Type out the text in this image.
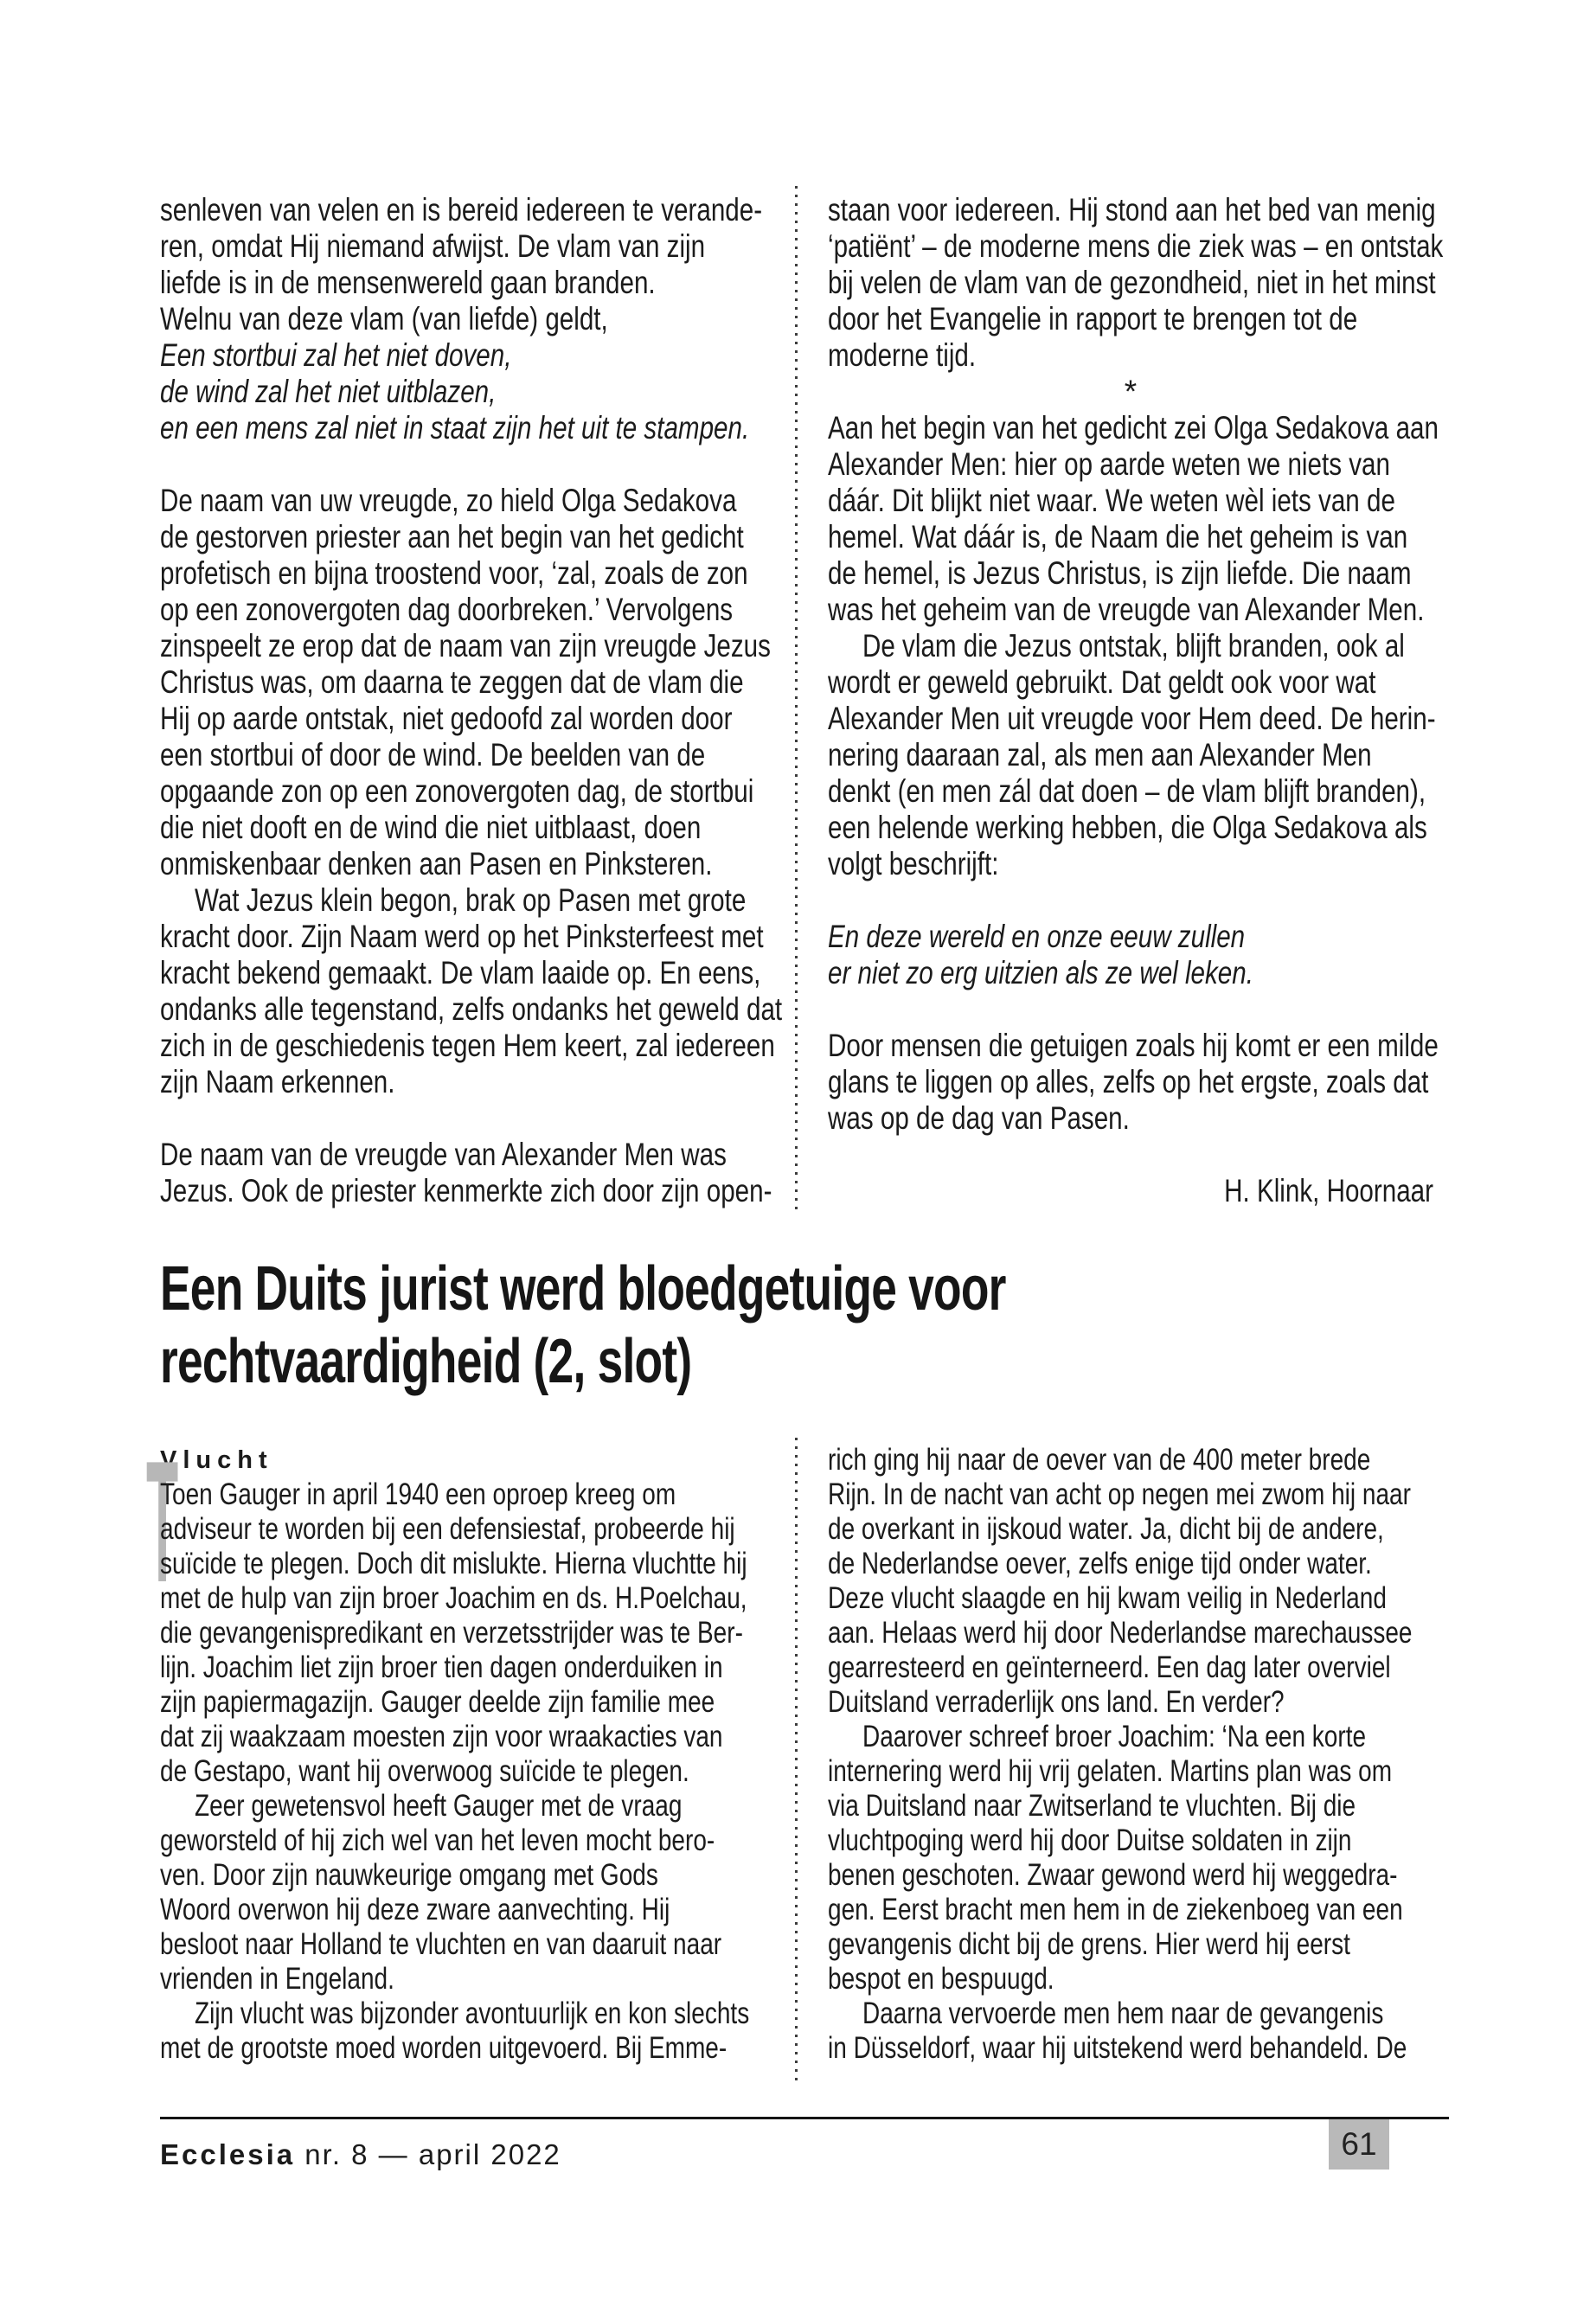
senleven van velen en is bereid iedereen te verande-
ren, omdat Hij niemand afwijst. De vlam van zijn
liefde is in de mensenwereld gaan branden.
Welnu van deze vlam (van liefde) geldt,

Een stortbui zal het niet doven,
de wind zal het niet uitblazen,
en een mens zal niet in staat zijn het uit te stampen.

De naam van uw vreugde, zo hield Olga Sedakova
de gestorven priester aan het begin van het gedicht
profetisch en bijna troostend voor, ‘zal, zoals de zon
op een zonovergoten dag doorbreken.’ Vervolgens
zinspeelt ze erop dat de naam van zijn vreugde Jezus
Christus was, om daarna te zeggen dat de vlam die
Hij op aarde ontstak, niet gedoofd zal worden door
een stortbui of door de wind. De beelden van de
opgaande zon op een zonovergoten dag, de stortbui
die niet dooft en de wind die niet uitblaast, doen
onmiskenbaar denken aan Pasen en Pinksteren.

Wat Jezus klein begon, brak op Pasen met grote
kracht door. Zijn Naam werd op het Pinksterfeest met
kracht bekend gemaakt. De vlam laaide op. En eens,
ondanks alle tegenstand, zelfs ondanks het geweld dat
zich in de geschiedenis tegen Hem keert, zal iedereen
zijn Naam erkennen.

De naam van de vreugde van Alexander Men was
Jezus. Ook de priester kenmerkte zich door zijn open-

staan voor iedereen. Hij stond aan het bed van menig
‘patiënt’ – de moderne mens die ziek was – en ontstak
bij velen de vlam van de gezondheid, niet in het minst
door het Evangelie in rapport te brengen tot de
moderne tijd.

*

Aan het begin van het gedicht zei Olga Sedakova aan
Alexander Men: hier op aarde weten we niets van
dáár. Dit blijkt niet waar. We weten wèl iets van de
hemel. Wat dáár is, de Naam die het geheim is van
de hemel, is Jezus Christus, is zijn liefde. Die naam
was het geheim van de vreugde van Alexander Men.

De vlam die Jezus ontstak, blijft branden, ook al
wordt er geweld gebruikt. Dat geldt ook voor wat
Alexander Men uit vreugde voor Hem deed. De herin-
nering daaraan zal, als men aan Alexander Men
denkt (en men zál dat doen – de vlam blijft branden),
een helende werking hebben, die Olga Sedakova als
volgt beschrijft:

En deze wereld en onze eeuw zullen
er niet zo erg uitzien als ze wel leken.

Door mensen die getuigen zoals hij komt er een milde
glans te liggen op alles, zelfs op het ergste, zoals dat
was op de dag van Pasen.

H. Klink, Hoornaar

Een Duits jurist werd bloedgetuige voor
rechtvaardigheid (2, slot)
Vlucht

T
Toen Gauger in april 1940 een oproep kreeg om
adviseur te worden bij een defensiestaf, probeerde hij
suïcide te plegen. Doch dit mislukte. Hierna vluchtte hij
met de hulp van zijn broer Joachim en ds. H.Poelchau,
die gevangenispredikant en verzetsstrijder was te Ber-
lijn. Joachim liet zijn broer tien dagen onderduiken in
zijn papiermagazijn. Gauger deelde zijn familie mee
dat zij waakzaam moesten zijn voor wraakacties van
de Gestapo, want hij overwoog suïcide te plegen.

Zeer gewetensvol heeft Gauger met de vraag
geworsteld of hij zich wel van het leven mocht bero-
ven. Door zijn nauwkeurige omgang met Gods
Woord overwon hij deze zware aanvechting. Hij
besloot naar Holland te vluchten en van daaruit naar
vrienden in Engeland.

Zijn vlucht was bijzonder avontuurlijk en kon slechts
met de grootste moed worden uitgevoerd. Bij Emme-

rich ging hij naar de oever van de 400 meter brede
Rijn. In de nacht van acht op negen mei zwom hij naar
de overkant in ijskoud water. Ja, dicht bij de andere,
de Nederlandse oever, zelfs enige tijd onder water.
Deze vlucht slaagde en hij kwam veilig in Nederland
aan. Helaas werd hij door Nederlandse marechaussee
gearresteerd en geïnterneerd. Een dag later overviel
Duitsland verraderlijk ons land. En verder?

Daarover schreef broer Joachim: ‘Na een korte
internering werd hij vrij gelaten. Martins plan was om
via Duitsland naar Zwitserland te vluchten. Bij die
vluchtpoging werd hij door Duitse soldaten in zijn
benen geschoten. Zwaar gewond werd hij weggedra-
gen. Eerst bracht men hem in de ziekenboeg van een
gevangenis dicht bij de grens. Hier werd hij eerst
bespot en bespuugd.

Daarna vervoerde men hem naar de gevangenis
in Düsseldorf, waar hij uitstekend werd behandeld. De

Ecclesia nr. 8 — april 2022	61
